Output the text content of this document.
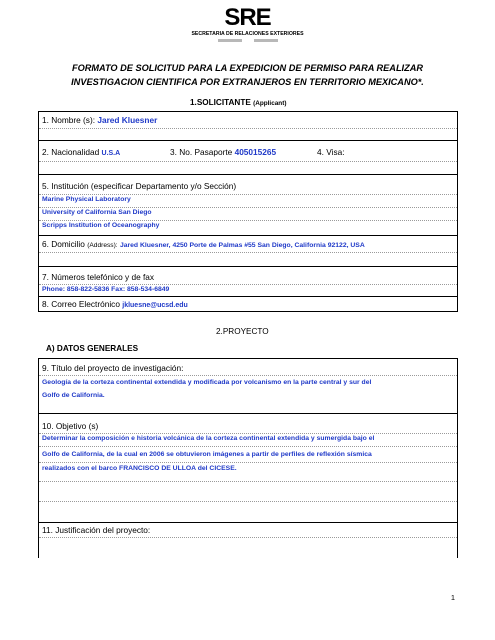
SRE
SECRETARIA DE RELACIONES EXTERIORES
FORMATO DE SOLICITUD PARA LA EXPEDICION DE PERMISO PARA REALIZAR
INVESTIGACION CIENTIFICA POR EXTRANJEROS EN TERRITORIO MEXICANO*.
1.SOLICITANTE (Applicant)
1. Nombre (s): Jared Kluesner
2. Nacionalidad U.S.A	3. No. Pasaporte 405015265	4. Visa:
5. Institución (especificar Departamento y/o Sección)
Marine Physical Laboratory
University of California San Diego
Scripps Institution of Oceanography
6. Domicilio (Address): Jared Kluesner, 4250 Porte de Palmas #55 San Diego, California 92122, USA
7. Números telefónico y de fax
Phone: 858-822-5836 Fax: 858-534-6849
8. Correo Electrónico jkluesne@ucsd.edu
2.PROYECTO
A) DATOS GENERALES
9. Título del proyecto de investigación:
Geología de la corteza continental extendida y modificada por volcanismo en la parte central y sur del
Golfo de California.
10. Objetivo (s)
Determinar la composición e historia volcánica de la corteza continental extendida y sumergida bajo el
Golfo de California, de la cual en 2006 se obtuvieron imágenes a partir de perfiles de reflexión sísmica
realizados con el barco FRANCISCO DE ULLOA del CICESE.
11. Justificación del proyecto:
1
